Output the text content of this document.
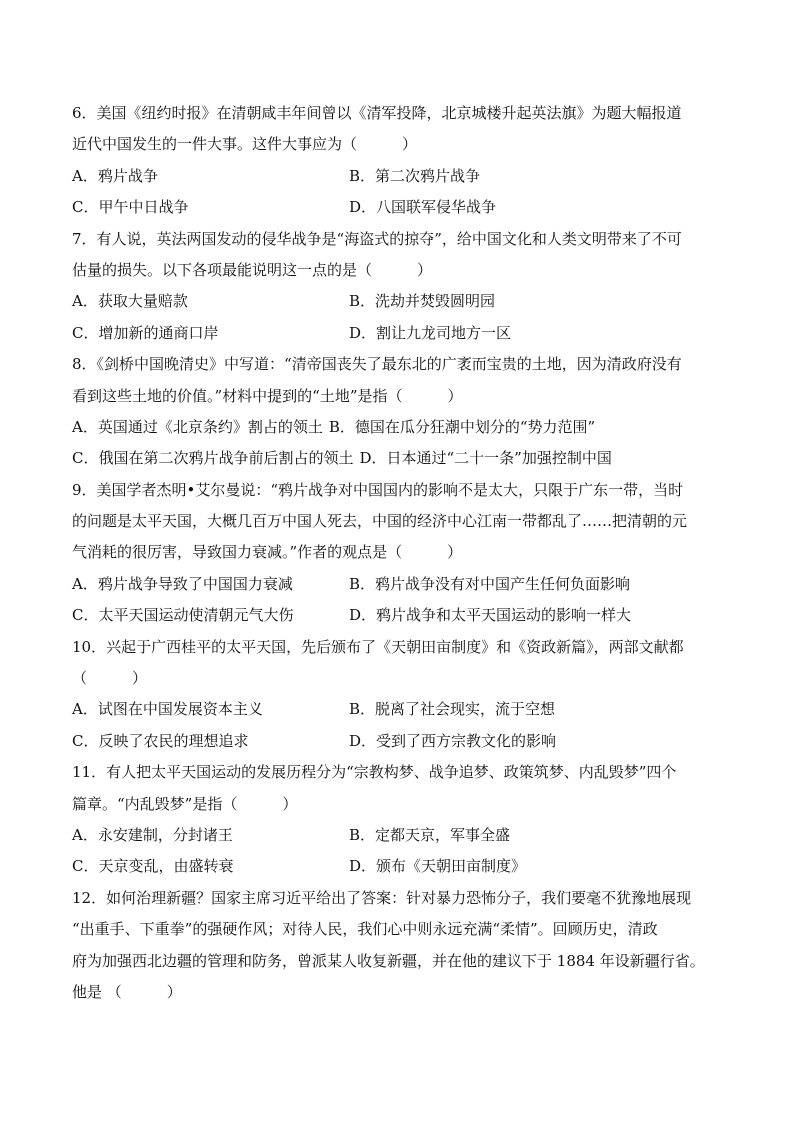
6．美国《纽约时报》在清朝咸丰年间曾以《清军投降，北京城楼升起英法旗》为题大幅报道
近代中国发生的一件大事。这件大事应为（　　　）
A．鸦片战争	B．第二次鸦片战争
C．甲午中日战争	D．八国联军侵华战争
7．有人说，英法两国发动的侵华战争是“海盗式的掠夺”，给中国文化和人类文明带来了不可
估量的损失。以下各项最能说明这一点的是（　　　）
A．获取大量赔款	B．洗劫并焚毁圆明园
C．增加新的通商口岸	D．割让九龙司地方一区
8．《剑桥中国晚清史》中写道：“清帝国丧失了最东北的广袤而宝贵的土地，因为清政府没有
看到这些土地的价值。”材料中提到的“土地”是指（　　　）
A．英国通过《北京条约》割占的领土 B．德国在瓜分狂潮中划分的“势力范围”
C．俄国在第二次鸦片战争前后割占的领土 D．日本通过“二十一条”加强控制中国
9．美国学者杰明•艾尔曼说：“鸦片战争对中国国内的影响不是太大，只限于广东一带，当时
的问题是太平天国，大概几百万中国人死去，中国的经济中心江南一带都乱了……把清朝的元
气消耗的很厉害，导致国力衰减。”作者的观点是（　　　）
A．鸦片战争导致了中国国力衰减	B．鸦片战争没有对中国产生任何负面影响
C．太平天国运动使清朝元气大伤	D．鸦片战争和太平天国运动的影响一样大
10．兴起于广西桂平的太平天国，先后颁布了《天朝田亩制度》和《资政新篇》，两部文献都
（　　　）
A．试图在中国发展资本主义	B．脱离了社会现实，流于空想
C．反映了农民的理想追求	D．受到了西方宗教文化的影响
11．有人把太平天国运动的发展历程分为“宗教构梦、战争追梦、政策筑梦、内乱毁梦”四个
篇章。“内乱毁梦”是指（　　　）
A．永安建制，分封诸王	B．定都天京，军事全盛
C．天京变乱，由盛转衰	D．颁布《天朝田亩制度》
12．如何治理新疆？国家主席习近平给出了答案：针对暴力恐怖分子，我们要毫不犹豫地展现
“出重手、下重拳”的强硬作风；对待人民，我们心中则永远充满“柔情”。回顾历史，清政
府为加强西北边疆的管理和防务，曾派某人收复新疆，并在他的建议下于 1884 年设新疆行省。
他是 （　　　）
